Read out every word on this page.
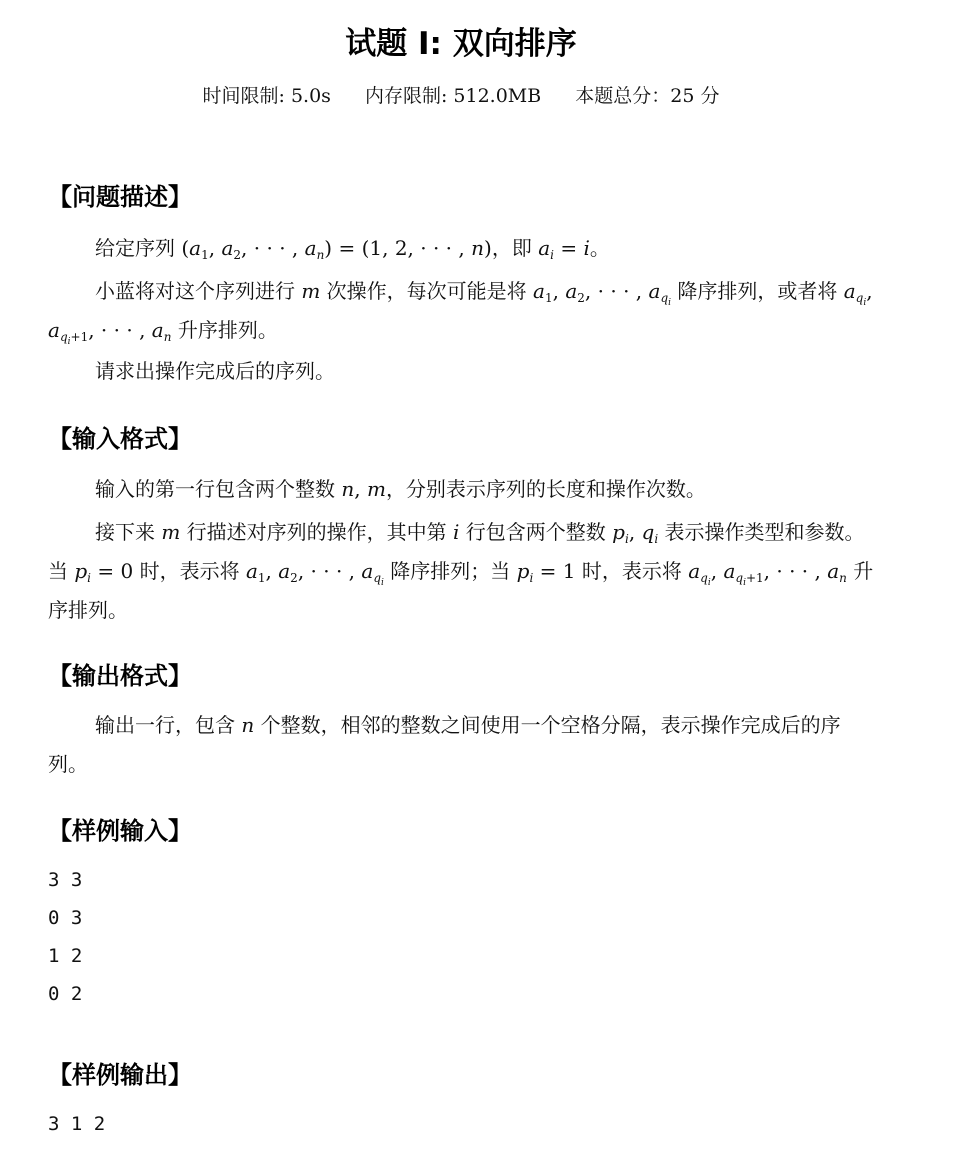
试题 I: 双向排序
时间限制: 5.0s 内存限制: 512.0MB 本题总分：25 分
【问题描述】
给定序列 ($a_1$, $a_2$, · · · , $a_n) = (1$, 2, · · · , n)，即 $a_i = i$。
小蓝将对这个序列进行 m 次操作，每次可能是将 $a_1$, $a_2$, · · · , $a_{q_i}$ 降序排列，或者将 $a_{q_i}$, $a_{q_i+1}$, · · · , $a_n$ 升序排列。
请求出操作完成后的序列。
【输入格式】
输入的第一行包含两个整数 n, m，分别表示序列的长度和操作次数。
接下来 m 行描述对序列的操作，其中第 i 行包含两个整数 $p_i$, $q_i$ 表示操作类型和参数。当 $p_i = 0$ 时，表示将 $a_1$, $a_2$, · · · , $a_{q_i}$ 降序排列；当 $p_i = 1$ 时，表示将 $a_{q_i}$, $a_{q_i+1}$, · · · , $a_n$ 升序排列。
【输出格式】
输出一行，包含 n 个整数，相邻的整数之间使用一个空格分隔，表示操作完成后的序列。
【样例输入】
3 3
0 3
1 2
0 2
【样例输出】
3 1 2
